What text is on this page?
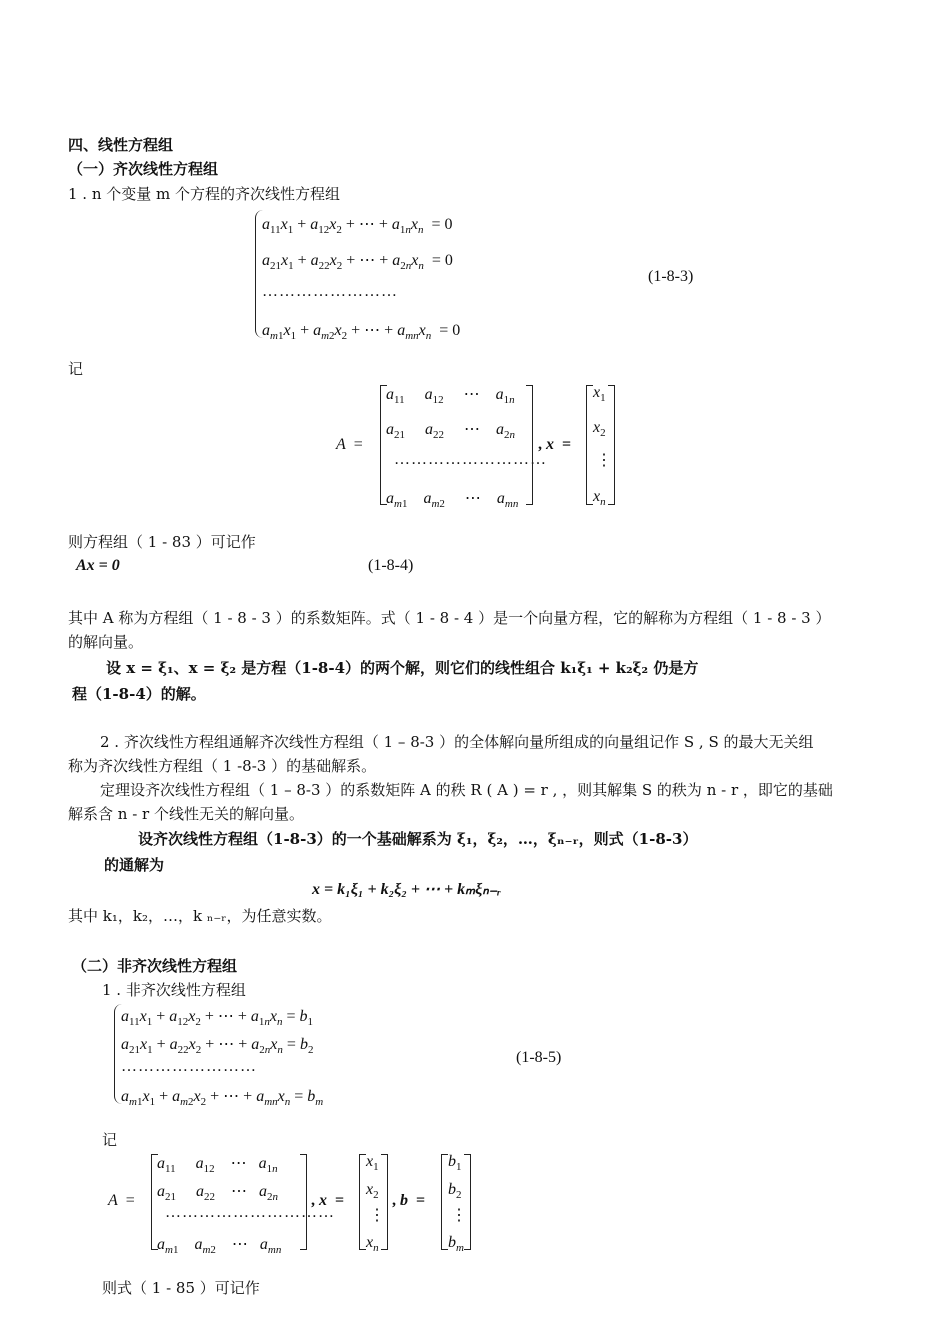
四、线性方程组
（一）齐次线性方程组
1 . n 个变量 m 个方程的齐次线性方程组
$a_{11}x_1 + a_{12}x_2$ + ⋯ + $a_{1n}x_n = 0$
$a_{21}x_1 + a_{22}x_2$ + ⋯ + $a_{2n}x_n = 0$
……………………
$a_{m1}x_1 + a_{m2}x_2$ + ⋯ + $a_{mn}x_n = 0$
(1-8-3)
记
A  =
$a_{11}$ $a_{12}$     ⋯    $a_{1n}$
$a_{21}$ $a_{22}$     ⋯    $a_{2n}$
………………………
$a_{m1}$ $a_{m2}$     ⋯    $a_{mn}$
, x  =
$x_1$
$x_2$
⋮
$x_n$
则方程组（ 1 - 83 ）可记作
Ax = 0	(1-8-4)
其中 A 称为方程组（ 1 - 8 - 3 ）的系数矩阵。式（ 1 - 8 - 4 ）是一个向量方程，它的解称为方程组（ 1 - 8 - 3 ）
的解向量。
设 x = ξ₁、x = ξ₂ 是方程（1-8-4）的两个解，则它们的线性组合 k₁ξ₁ + k₂ξ₂ 仍是方
程（1-8-4）的解。
2 . 齐次线性方程组通解齐次线性方程组（ 1 – 8-3 ）的全体解向量所组成的向量组记作 S , S 的最大无关组
称为齐次线性方程组（ 1 -8-3 ）的基础解系。
定理设齐次线性方程组（ 1 – 8-3 ）的系数矩阵 A 的秩 R ( A ) = r , ，则其解集 S 的秩为 n - r ，即它的基础
解系含 n - r 个线性无关的解向量。
设齐次线性方程组（1-8-3）的一个基础解系为 ξ₁，ξ₂，…，ξₙ₋ᵣ，则式（1-8-3）
的通解为
x = k₁ξ₁ + k₂ξ₂ + ⋯ + kₘξₙ₋ᵣ
其中 k₁，k₂，…，k ₙ₋ᵣ，为任意实数。
（二）非齐次线性方程组
1 . 非齐次线性方程组
$a_{11}x_1 + a_{12}x_2$ + ⋯ + $a_{1n}x_n = b_1$
$a_{21}x_1 + a_{22}x_2$ + ⋯ + $a_{2n}x_n = b_2$
……………………
$a_{m1}x_1 + a_{m2}x_2$ + ⋯ + $a_{mn}x_n = b_m$
(1-8-5)
记
A  =
$a_{11}$ $a_{12}$    ⋯   $a_{1n}$
$a_{21}$ $a_{22}$    ⋯   $a_{2n}$
…………………………
$a_{m1}$ $a_{m2}$    ⋯   $a_{mn}$
, x  =
$x_1$
$x_2$
⋮
$x_n$
, b  =
$b_1$
$b_2$
⋮
$b_m$
则式（ 1 - 85 ）可记作
